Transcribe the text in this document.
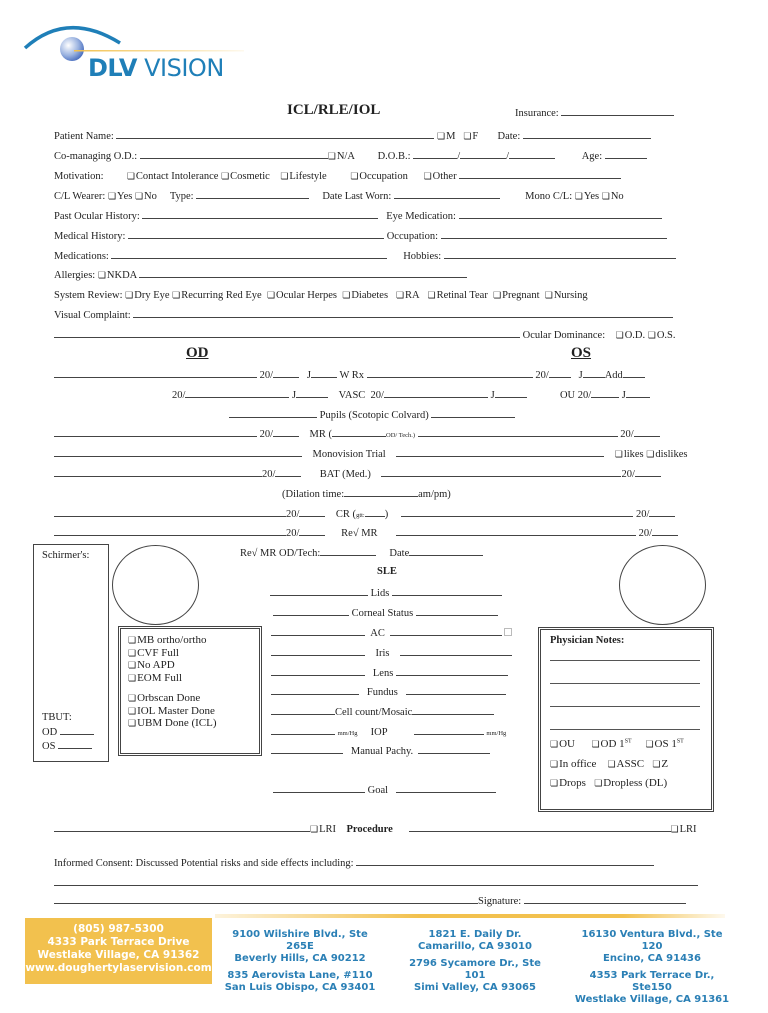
DLV VISION
ICL/RLE/IOL	Insurance:
Patient Name:	❏ M ❏ F Date:
Co-managing O.D.:	❏ N/A D.O.B.:	/	/	Age:
Motivation:	❏ Contact Intolerance ❏ Cosmetic ❏ Lifestyle	❏ Occupation ❏ Other
C/L Wearer: ❏ Yes ❏ No Type:	Date Last Worn:	Mono C/L: ❏ Yes ❏ No
Past Ocular History:	Eye Medication:
Medical History:	Occupation:
Medications:	Hobbies:
Allergies: ❏ NKDA
System Review: ❏ Dry Eye ❏ Recurring Red Eye ❏ Ocular Herpes ❏ Diabetes ❏ RA ❏ Retinal Tear ❏ Pregnant ❏ Nursing
Visual Complaint:
Ocular Dominance: ❏ O.D. ❏ O.S.
OD	OS
20/	J	W Rx	20/	J Add
20/	J	VASC 20/	J	OU 20/	J
Pupils (Scotopic Colvard)
20/	MR (	OD/ Tech.)	20/
Monovision Trial	❏ likes ❏ dislikes
20/	BAT (Med.)	20/
(Dilation time:	am/pm)
20/	CR (gtt: )	20/
20/	Re√ MR	20/
Re√ MR OD/Tech:	Date
Schirmer's:
TBUT:
OD
OS
❏ MB ortho/ortho
❏ CVF Full
❏ No APD
❏ EOM Full
❏ Orbscan Done
❏ IOL Master Done
❏ UBM Done (ICL)
SLE
Lids
Corneal Status
AC
Iris
Lens
Fundus
Cell count/Mosaic
mm/Hg IOP	mm/Hg
Manual Pachy.
Goal
Physician Notes:
❏ OU ❏ OD 1ST ❏ OS 1ST
❏ In office ❏ ASSC ❏ Z
❏ Drops ❏ Dropless (DL)
❏ LRI Procedure	❏ LRI
Informed Consent: Discussed Potential risks and side effects including:
Signature:
(805) 987-5300
4333 Park Terrace Drive
Westlake Village, CA 91362
www.doughertylaservision.com
9100 Wilshire Blvd., Ste 265E
Beverly Hills, CA 90212
835 Aerovista Lane, #110
San Luis Obispo, CA 93401
1821 E. Daily Dr.
Camarillo, CA 93010
2796 Sycamore Dr., Ste 101
Simi Valley, CA 93065
16130 Ventura Blvd., Ste 120
Encino, CA 91436
4353 Park Terrace Dr., Ste150
Westlake Village, CA 91361
